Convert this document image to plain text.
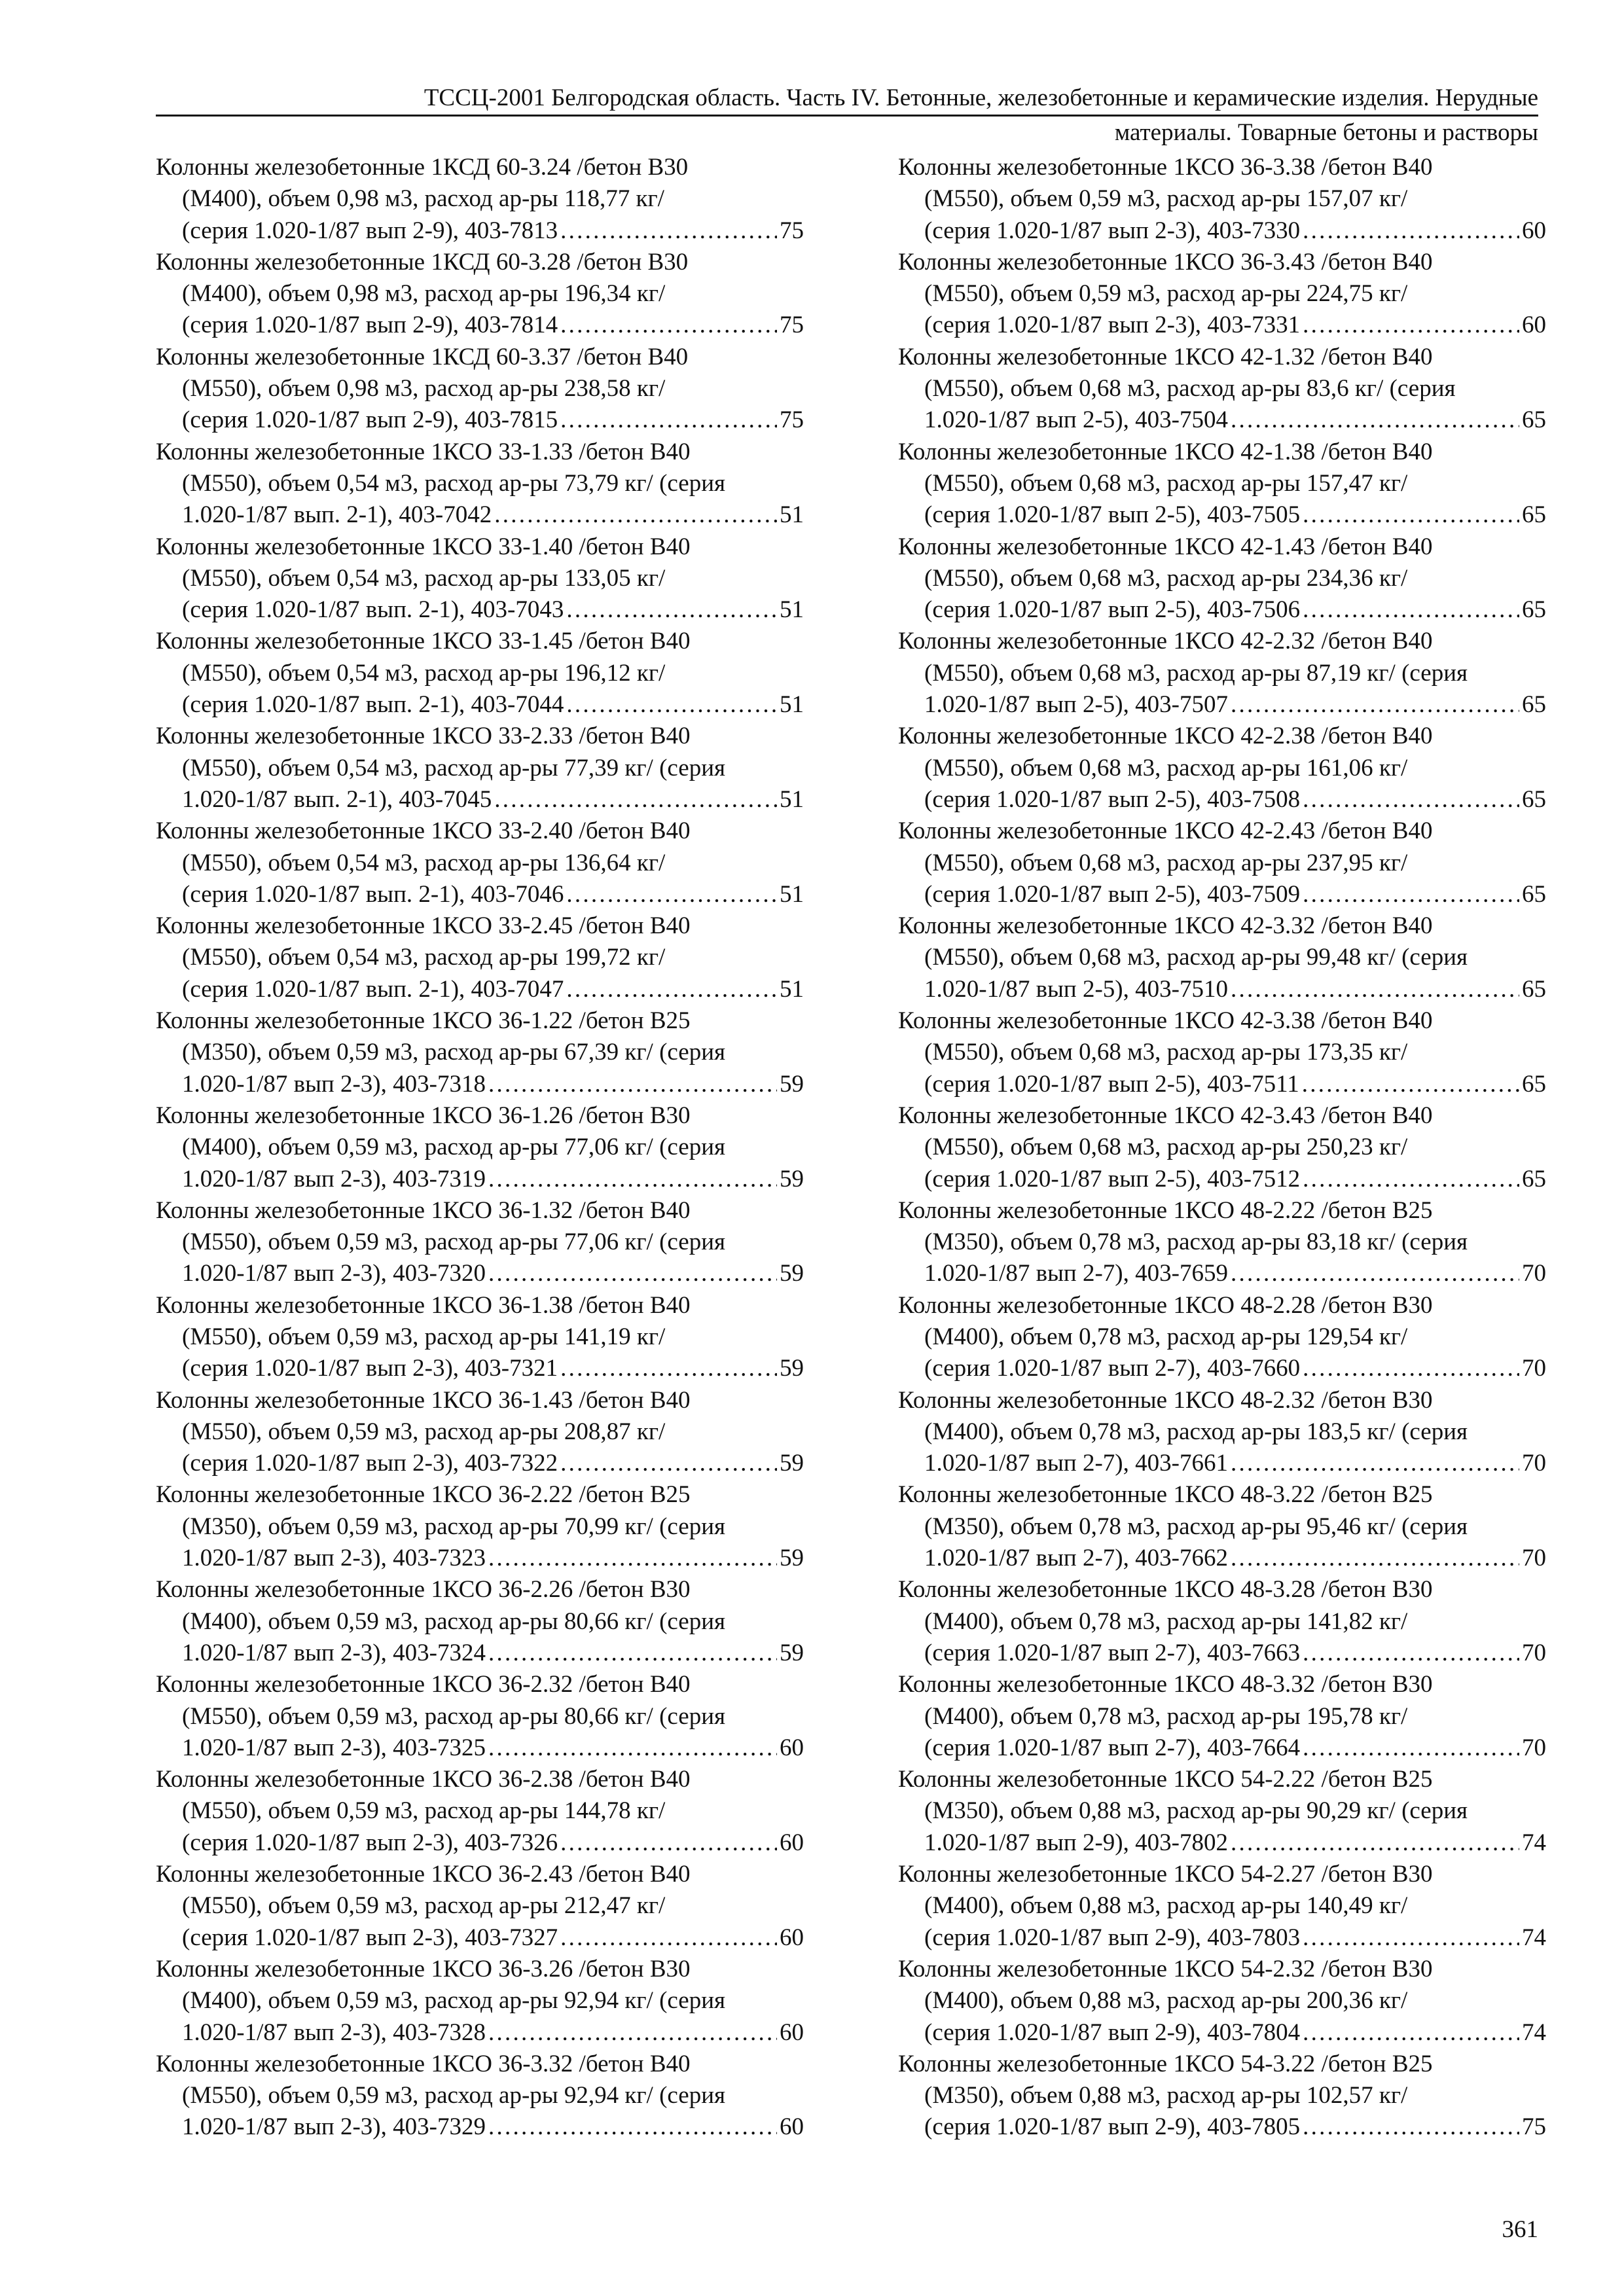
ТССЦ-2001 Белгородская область. Часть IV. Бетонные, железобетонные и керамические изделия. Нерудные
материалы. Товарные бетоны и растворы

Колонны железобетонные 1КСД 60-3.24 /бетон В30
(М400), объем 0,98 м3, расход ар-ры 118,77 кг/
(серия 1.020-1/87 вып 2-9), 403-7813 . . .	75

Колонны железобетонные 1КСД 60-3.28 /бетон В30
(М400), объем 0,98 м3, расход ар-ры 196,34 кг/
(серия 1.020-1/87 вып 2-9), 403-7814 . . .	75

Колонны железобетонные 1КСД 60-3.37 /бетон В40
(М550), объем 0,98 м3, расход ар-ры 238,58 кг/
(серия 1.020-1/87 вып 2-9), 403-7815 . . .	75

Колонны железобетонные 1КСО 33-1.33 /бетон В40
(М550), объем 0,54 м3, расход ар-ры 73,79 кг/ (серия
1.020-1/87 вып. 2-1), 403-7042 . . .	51

Колонны железобетонные 1КСО 33-1.40 /бетон В40
(М550), объем 0,54 м3, расход ар-ры 133,05 кг/
(серия 1.020-1/87 вып. 2-1), 403-7043 . . .	51

Колонны железобетонные 1КСО 33-1.45 /бетон В40
(М550), объем 0,54 м3, расход ар-ры 196,12 кг/
(серия 1.020-1/87 вып. 2-1), 403-7044 . . .	51

Колонны железобетонные 1КСО 33-2.33 /бетон В40
(М550), объем 0,54 м3, расход ар-ры 77,39 кг/ (серия
1.020-1/87 вып. 2-1), 403-7045 . . .	51

Колонны железобетонные 1КСО 33-2.40 /бетон В40
(М550), объем 0,54 м3, расход ар-ры 136,64 кг/
(серия 1.020-1/87 вып. 2-1), 403-7046 . . .	51

Колонны железобетонные 1КСО 33-2.45 /бетон В40
(М550), объем 0,54 м3, расход ар-ры 199,72 кг/
(серия 1.020-1/87 вып. 2-1), 403-7047 . . .	51

Колонны железобетонные 1КСО 36-1.22 /бетон В25
(М350), объем 0,59 м3, расход ар-ры 67,39 кг/ (серия
1.020-1/87 вып 2-3), 403-7318 . . .	59

Колонны железобетонные 1КСО 36-1.26 /бетон В30
(М400), объем 0,59 м3, расход ар-ры 77,06 кг/ (серия
1.020-1/87 вып 2-3), 403-7319 . . .	59

Колонны железобетонные 1КСО 36-1.32 /бетон В40
(М550), объем 0,59 м3, расход ар-ры 77,06 кг/ (серия
1.020-1/87 вып 2-3), 403-7320 . . .	59

Колонны железобетонные 1КСО 36-1.38 /бетон В40
(М550), объем 0,59 м3, расход ар-ры 141,19 кг/
(серия 1.020-1/87 вып 2-3), 403-7321 . . .	59

Колонны железобетонные 1КСО 36-1.43 /бетон В40
(М550), объем 0,59 м3, расход ар-ры 208,87 кг/
(серия 1.020-1/87 вып 2-3), 403-7322 . . .	59

Колонны железобетонные 1КСО 36-2.22 /бетон В25
(М350), объем 0,59 м3, расход ар-ры 70,99 кг/ (серия
1.020-1/87 вып 2-3), 403-7323 . . .	59

Колонны железобетонные 1КСО 36-2.26 /бетон В30
(М400), объем 0,59 м3, расход ар-ры 80,66 кг/ (серия
1.020-1/87 вып 2-3), 403-7324 . . .	59

Колонны железобетонные 1КСО 36-2.32 /бетон В40
(М550), объем 0,59 м3, расход ар-ры 80,66 кг/ (серия
1.020-1/87 вып 2-3), 403-7325 . . .	60

Колонны железобетонные 1КСО 36-2.38 /бетон В40
(М550), объем 0,59 м3, расход ар-ры 144,78 кг/
(серия 1.020-1/87 вып 2-3), 403-7326 . . .	60

Колонны железобетонные 1КСО 36-2.43 /бетон В40
(М550), объем 0,59 м3, расход ар-ры 212,47 кг/
(серия 1.020-1/87 вып 2-3), 403-7327 . . .	60

Колонны железобетонные 1КСО 36-3.26 /бетон В30
(М400), объем 0,59 м3, расход ар-ры 92,94 кг/ (серия
1.020-1/87 вып 2-3), 403-7328 . . .	60

Колонны железобетонные 1КСО 36-3.32 /бетон В40
(М550), объем 0,59 м3, расход ар-ры 92,94 кг/ (серия
1.020-1/87 вып 2-3), 403-7329 . . .	60

Колонны железобетонные 1КСО 36-3.38 /бетон В40
(М550), объем 0,59 м3, расход ар-ры 157,07 кг/
(серия 1.020-1/87 вып 2-3), 403-7330 . . .	60

Колонны железобетонные 1КСО 36-3.43 /бетон В40
(М550), объем 0,59 м3, расход ар-ры 224,75 кг/
(серия 1.020-1/87 вып 2-3), 403-7331 . . .	60

Колонны железобетонные 1КСО 42-1.32 /бетон В40
(М550), объем 0,68 м3, расход ар-ры 83,6 кг/ (серия
1.020-1/87 вып 2-5), 403-7504 . . .	65

Колонны железобетонные 1КСО 42-1.38 /бетон В40
(М550), объем 0,68 м3, расход ар-ры 157,47 кг/
(серия 1.020-1/87 вып 2-5), 403-7505 . . .	65

Колонны железобетонные 1КСО 42-1.43 /бетон В40
(М550), объем 0,68 м3, расход ар-ры 234,36 кг/
(серия 1.020-1/87 вып 2-5), 403-7506 . . .	65

Колонны железобетонные 1КСО 42-2.32 /бетон В40
(М550), объем 0,68 м3, расход ар-ры 87,19 кг/ (серия
1.020-1/87 вып 2-5), 403-7507 . . .	65

Колонны железобетонные 1КСО 42-2.38 /бетон В40
(М550), объем 0,68 м3, расход ар-ры 161,06 кг/
(серия 1.020-1/87 вып 2-5), 403-7508 . . .	65

Колонны железобетонные 1КСО 42-2.43 /бетон В40
(М550), объем 0,68 м3, расход ар-ры 237,95 кг/
(серия 1.020-1/87 вып 2-5), 403-7509 . . .	65

Колонны железобетонные 1КСО 42-3.32 /бетон В40
(М550), объем 0,68 м3, расход ар-ры 99,48 кг/ (серия
1.020-1/87 вып 2-5), 403-7510 . . .	65

Колонны железобетонные 1КСО 42-3.38 /бетон В40
(М550), объем 0,68 м3, расход ар-ры 173,35 кг/
(серия 1.020-1/87 вып 2-5), 403-7511 . . .	65

Колонны железобетонные 1КСО 42-3.43 /бетон В40
(М550), объем 0,68 м3, расход ар-ры 250,23 кг/
(серия 1.020-1/87 вып 2-5), 403-7512 . . .	65

Колонны железобетонные 1КСО 48-2.22 /бетон В25
(М350), объем 0,78 м3, расход ар-ры 83,18 кг/ (серия
1.020-1/87 вып 2-7), 403-7659 . . .	70

Колонны железобетонные 1КСО 48-2.28 /бетон В30
(М400), объем 0,78 м3, расход ар-ры 129,54 кг/
(серия 1.020-1/87 вып 2-7), 403-7660 . . .	70

Колонны железобетонные 1КСО 48-2.32 /бетон В30
(М400), объем 0,78 м3, расход ар-ры 183,5 кг/ (серия
1.020-1/87 вып 2-7), 403-7661 . . .	70

Колонны железобетонные 1КСО 48-3.22 /бетон В25
(М350), объем 0,78 м3, расход ар-ры 95,46 кг/ (серия
1.020-1/87 вып 2-7), 403-7662 . . .	70

Колонны железобетонные 1КСО 48-3.28 /бетон В30
(М400), объем 0,78 м3, расход ар-ры 141,82 кг/
(серия 1.020-1/87 вып 2-7), 403-7663 . . .	70

Колонны железобетонные 1КСО 48-3.32 /бетон В30
(М400), объем 0,78 м3, расход ар-ры 195,78 кг/
(серия 1.020-1/87 вып 2-7), 403-7664 . . .	70

Колонны железобетонные 1КСО 54-2.22 /бетон В25
(М350), объем 0,88 м3, расход ар-ры 90,29 кг/ (серия
1.020-1/87 вып 2-9), 403-7802 . . .	74

Колонны железобетонные 1КСО 54-2.27 /бетон В30
(М400), объем 0,88 м3, расход ар-ры 140,49 кг/
(серия 1.020-1/87 вып 2-9), 403-7803 . . .	74

Колонны железобетонные 1КСО 54-2.32 /бетон В30
(М400), объем 0,88 м3, расход ар-ры 200,36 кг/
(серия 1.020-1/87 вып 2-9), 403-7804 . . .	74

Колонны железобетонные 1КСО 54-3.22 /бетон В25
(М350), объем 0,88 м3, расход ар-ры 102,57 кг/
(серия 1.020-1/87 вып 2-9), 403-7805 . . .	75

361
